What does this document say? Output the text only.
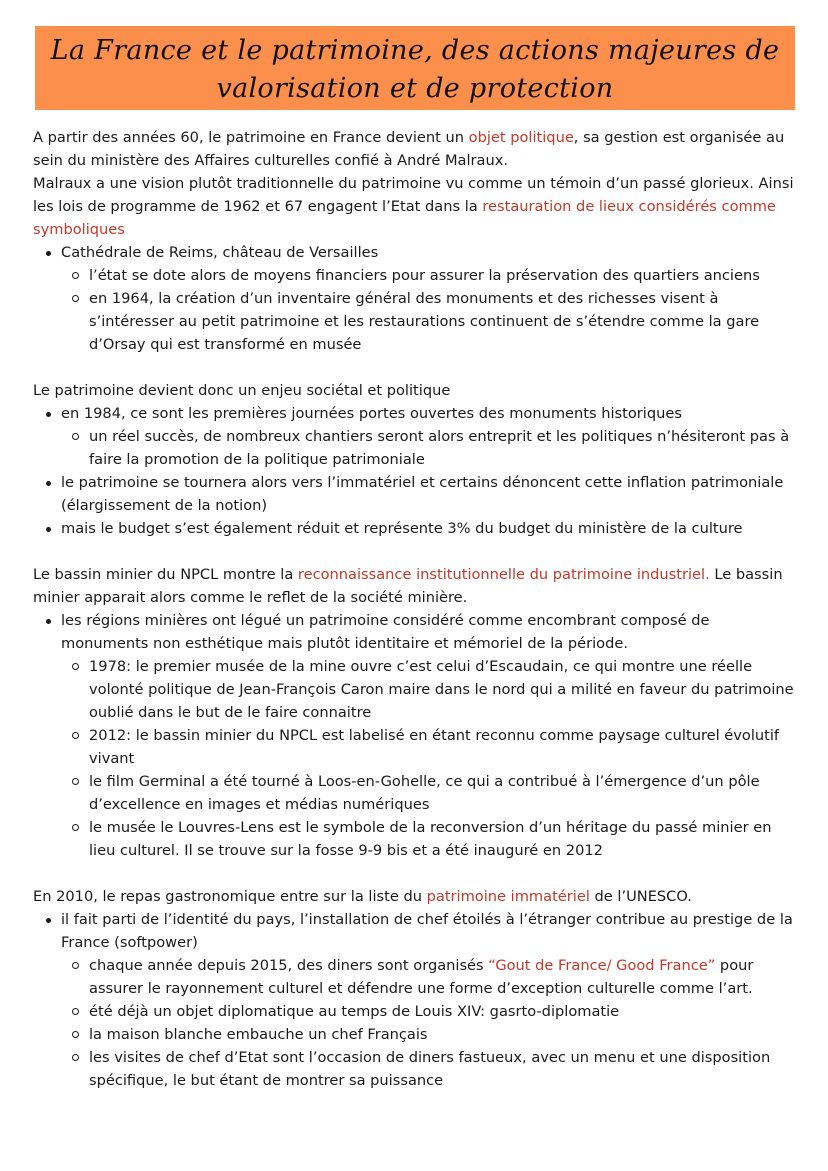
La France et le patrimoine, des actions majeures de
valorisation et de protection

A partir des années 60, le patrimoine en France devient un objet politique, sa gestion est organisée au sein du ministère des Affaires culturelles confié à André Malraux.

Malraux a une vision plutôt traditionnelle du patrimoine vu comme un témoin d’un passé glorieux. Ainsi les lois de programme de 1962 et 67 engagent l’Etat dans la restauration de lieux considérés comme symboliques

Cathédrale de Reims, château de Versailles
l’état se dote alors de moyens financiers pour assurer la préservation des quartiers anciens
en 1964, la création d’un inventaire général des monuments et des richesses visent à s’intéresser au petit patrimoine et les restaurations continuent de s’étendre comme la gare d’Orsay qui est transformé en musée

Le patrimoine devient donc un enjeu sociétal et politique

en 1984, ce sont les premières journées portes ouvertes des monuments historiques
un réel succès, de nombreux chantiers seront alors entreprit et les politiques n’hésiteront pas à faire la promotion de la politique patrimoniale
le patrimoine se tournera alors vers l’immatériel et certains dénoncent cette inflation patrimoniale (élargissement de la notion)
mais le budget s’est également réduit et représente 3% du budget du ministère de la culture

Le bassin minier du NPCL montre la reconnaissance institutionnelle du patrimoine industriel. Le bassin minier apparait alors comme le reflet de la société minière.

les régions minières ont légué un patrimoine considéré comme encombrant composé de monuments non esthétique mais plutôt identitaire et mémoriel de la période.
1978: le premier musée de la mine ouvre c’est celui d’Escaudain, ce qui montre une réelle volonté politique de Jean-François Caron maire dans le nord qui a milité en faveur du patrimoine oublié dans le but de le faire connaitre
2012: le bassin minier du NPCL est labelisé en étant reconnu comme paysage culturel évolutif vivant
le film Germinal a été tourné à Loos-en-Gohelle, ce qui a contribué à l’émergence d’un pôle d’excellence en images et médias numériques
le musée le Louvres-Lens est le symbole de la reconversion d’un héritage du passé minier en lieu culturel. Il se trouve sur la fosse 9-9 bis et a été inauguré en 2012

En 2010, le repas gastronomique entre sur la liste du patrimoine immatériel de l’UNESCO.

il fait parti de l’identité du pays, l’installation de chef étoilés à l’étranger contribue au prestige de la France (softpower)
chaque année depuis 2015, des diners sont organisés “Gout de France/ Good France” pour assurer le rayonnement culturel et défendre une forme d’exception culturelle comme l’art.
été déjà un objet diplomatique au temps de Louis XIV: gasrto-diplomatie
la maison blanche embauche un chef Français
les visites de chef d’Etat sont l’occasion de diners fastueux, avec un menu et une disposition spécifique, le but étant de montrer sa puissance
